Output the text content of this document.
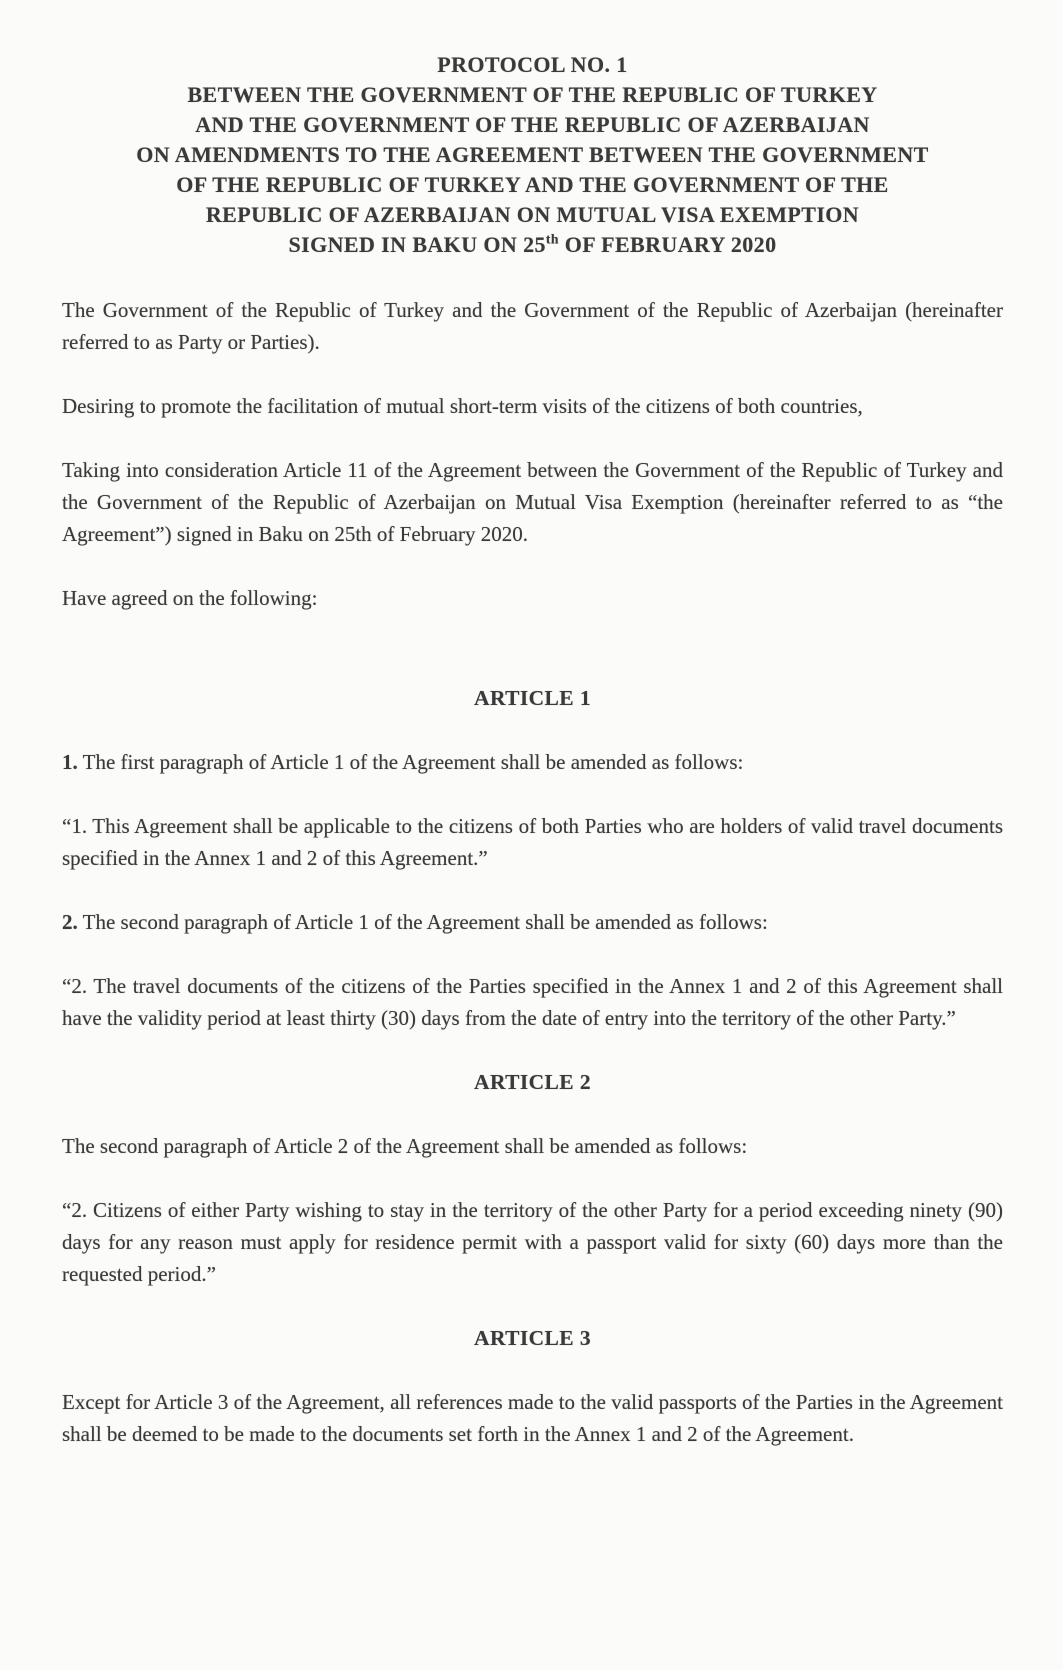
PROTOCOL NO. 1
BETWEEN THE GOVERNMENT OF THE REPUBLIC OF TURKEY
AND THE GOVERNMENT OF THE REPUBLIC OF AZERBAIJAN
ON AMENDMENTS TO THE AGREEMENT BETWEEN THE GOVERNMENT
OF THE REPUBLIC OF TURKEY AND THE GOVERNMENT OF THE
REPUBLIC OF AZERBAIJAN ON MUTUAL VISA EXEMPTION
SIGNED IN BAKU ON 25th OF FEBRUARY 2020

The Government of the Republic of Turkey and the Government of the Republic of Azerbaijan (hereinafter referred to as Party or Parties).

Desiring to promote the facilitation of mutual short-term visits of the citizens of both countries,

Taking into consideration Article 11 of the Agreement between the Government of the Republic of Turkey and the Government of the Republic of Azerbaijan on Mutual Visa Exemption (hereinafter referred to as “the Agreement”) signed in Baku on 25th of February 2020.

Have agreed on the following:

ARTICLE 1

1. The first paragraph of Article 1 of the Agreement shall be amended as follows:

“1. This Agreement shall be applicable to the citizens of both Parties who are holders of valid travel documents specified in the Annex 1 and 2 of this Agreement.”

2. The second paragraph of Article 1 of the Agreement shall be amended as follows:

“2. The travel documents of the citizens of the Parties specified in the Annex 1 and 2 of this Agreement shall have the validity period at least thirty (30) days from the date of entry into the territory of the other Party.”

ARTICLE 2

The second paragraph of Article 2 of the Agreement shall be amended as follows:

“2. Citizens of either Party wishing to stay in the territory of the other Party for a period exceeding ninety (90) days for any reason must apply for residence permit with a passport valid for sixty (60) days more than the requested period.”

ARTICLE 3

Except for Article 3 of the Agreement, all references made to the valid passports of the Parties in the Agreement shall be deemed to be made to the documents set forth in the Annex 1 and 2 of the Agreement.
